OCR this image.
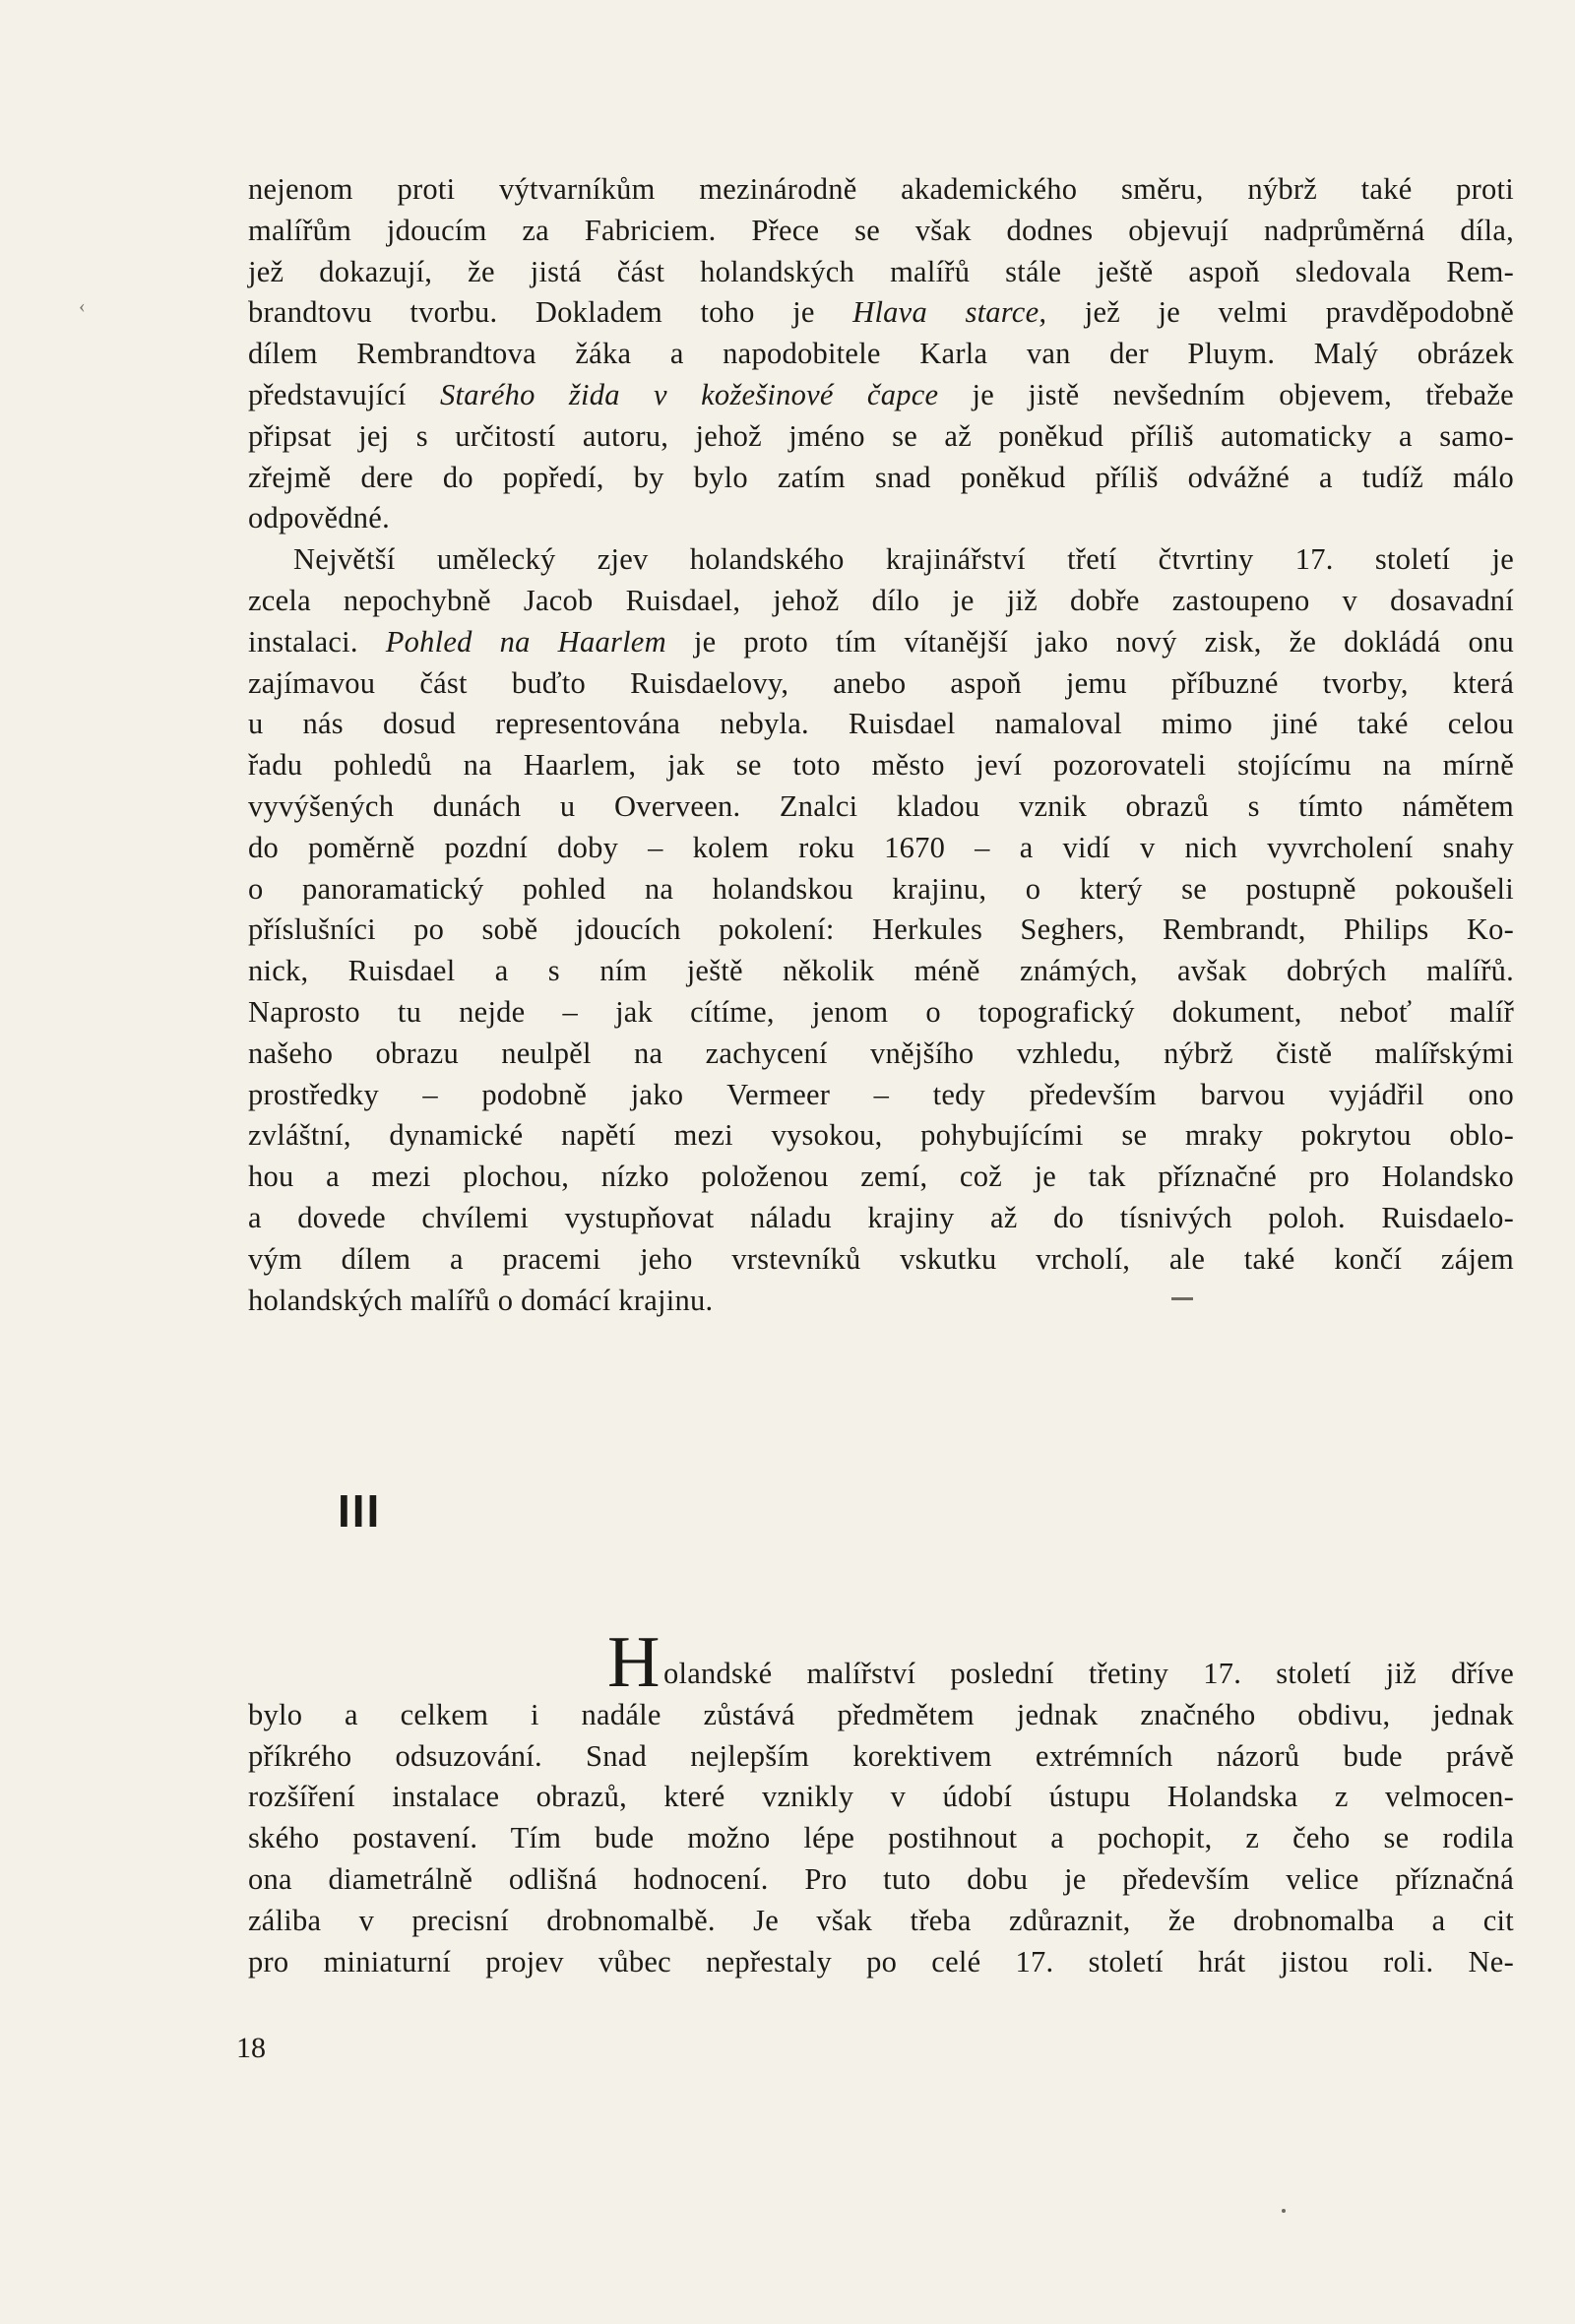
‹
nejenom proti výtvarníkům mezinárodně akademického směru, nýbrž také proti
malířům jdoucím za Fabriciem. Přece se však dodnes objevují nadprůměrná díla,
jež dokazují, že jistá část holandských malířů stále ještě aspoň sledovala Rem-
brandtovu tvorbu. Dokladem toho je Hlava starce, jež je velmi pravděpodobně
dílem Rembrandtova žáka a napodobitele Karla van der Pluym. Malý obrázek
představující Starého žida v kožešinové čapce je jistě nevšedním objevem, třebaže
připsat jej s určitostí autoru, jehož jméno se až poněkud příliš automaticky a samo-
zřejmě dere do popředí, by bylo zatím snad poněkud příliš odvážné a tudíž málo
odpovědné.
Největší umělecký zjev holandského krajinářství třetí čtvrtiny 17. století je
zcela nepochybně Jacob Ruisdael, jehož dílo je již dobře zastoupeno v dosavadní
instalaci. Pohled na Haarlem je proto tím vítanější jako nový zisk, že dokládá onu
zajímavou část buďto Ruisdaelovy, anebo aspoň jemu příbuzné tvorby, která
u nás dosud representována nebyla. Ruisdael namaloval mimo jiné také celou
řadu pohledů na Haarlem, jak se toto město jeví pozorovateli stojícímu na mírně
vyvýšených dunách u Overveen. Znalci kladou vznik obrazů s tímto námětem
do poměrně pozdní doby – kolem roku 1670 – a vidí v nich vyvrcholení snahy
o panoramatický pohled na holandskou krajinu, o který se postupně pokoušeli
příslušníci po sobě jdoucích pokolení: Herkules Seghers, Rembrandt, Philips Ko-
nick, Ruisdael a s ním ještě několik méně známých, avšak dobrých malířů.
Naprosto tu nejde – jak cítíme, jenom o topografický dokument, neboť malíř
našeho obrazu neulpěl na zachycení vnějšího vzhledu, nýbrž čistě malířskými
prostředky – podobně jako Vermeer – tedy především barvou vyjádřil ono
zvláštní, dynamické napětí mezi vysokou, pohybujícími se mraky pokrytou oblo-
hou a mezi plochou, nízko položenou zemí, což je tak příznačné pro Holandsko
a dovede chvílemi vystupňovat náladu krajiny až do tísnivých poloh. Ruisdaelo-
vým dílem a pracemi jeho vrstevníků vskutku vrcholí, ale také končí zájem
holandských malířů o domácí krajinu.
III
H olandské malířství poslední třetiny 17. století již dříve
bylo a celkem i nadále zůstává předmětem jednak značného obdivu, jednak
příkrého odsuzování. Snad nejlepším korektivem extrémních názorů bude právě
rozšíření instalace obrazů, které vznikly v údobí ústupu Holandska z velmocen-
ského postavení. Tím bude možno lépe postihnout a pochopit, z čeho se rodila
ona diametrálně odlišná hodnocení. Pro tuto dobu je především velice příznačná
záliba v precisní drobnomalbě. Je však třeba zdůraznit, že drobnomalba a cit
pro miniaturní projev vůbec nepřestaly po celé 17. století hrát jistou roli. Ne-
18
